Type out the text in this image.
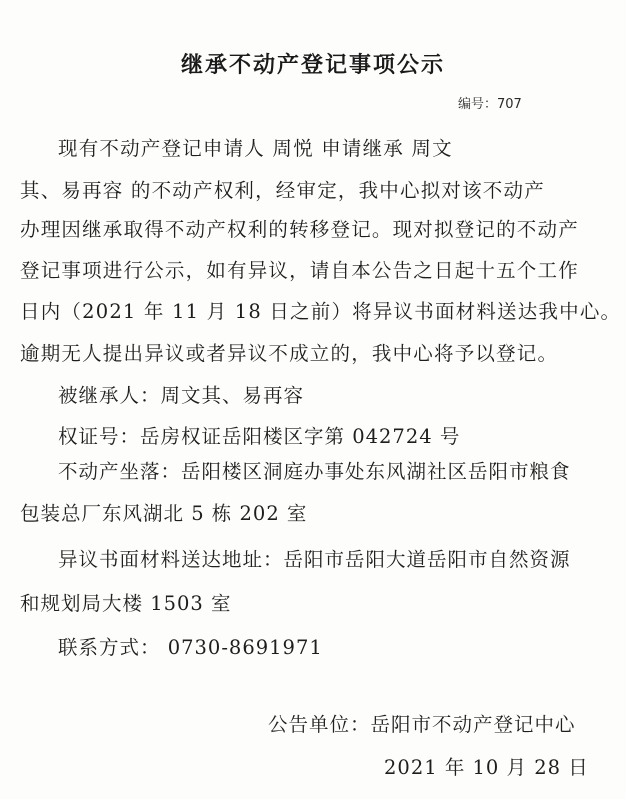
继承不动产登记事项公示
编号：707
现有不动产登记申请人 周悦 申请继承 周文
其、易再容 的不动产权利，经审定，我中心拟对该不动产
办理因继承取得不动产权利的转移登记。现对拟登记的不动产
登记事项进行公示，如有异议，请自本公告之日起十五个工作
日内（2021 年 11 月 18 日之前）将异议书面材料送达我中心。
逾期无人提出异议或者异议不成立的，我中心将予以登记。
被继承人：周文其、易再容
权证号：岳房权证岳阳楼区字第 042724 号
不动产坐落：岳阳楼区洞庭办事处东风湖社区岳阳市粮食
包装总厂东风湖北 5 栋 202 室
异议书面材料送达地址：岳阳市岳阳大道岳阳市自然资源
和规划局大楼 1503 室
联系方式： 0730-8691971
公告单位：岳阳市不动产登记中心
2021 年 10 月 28 日
